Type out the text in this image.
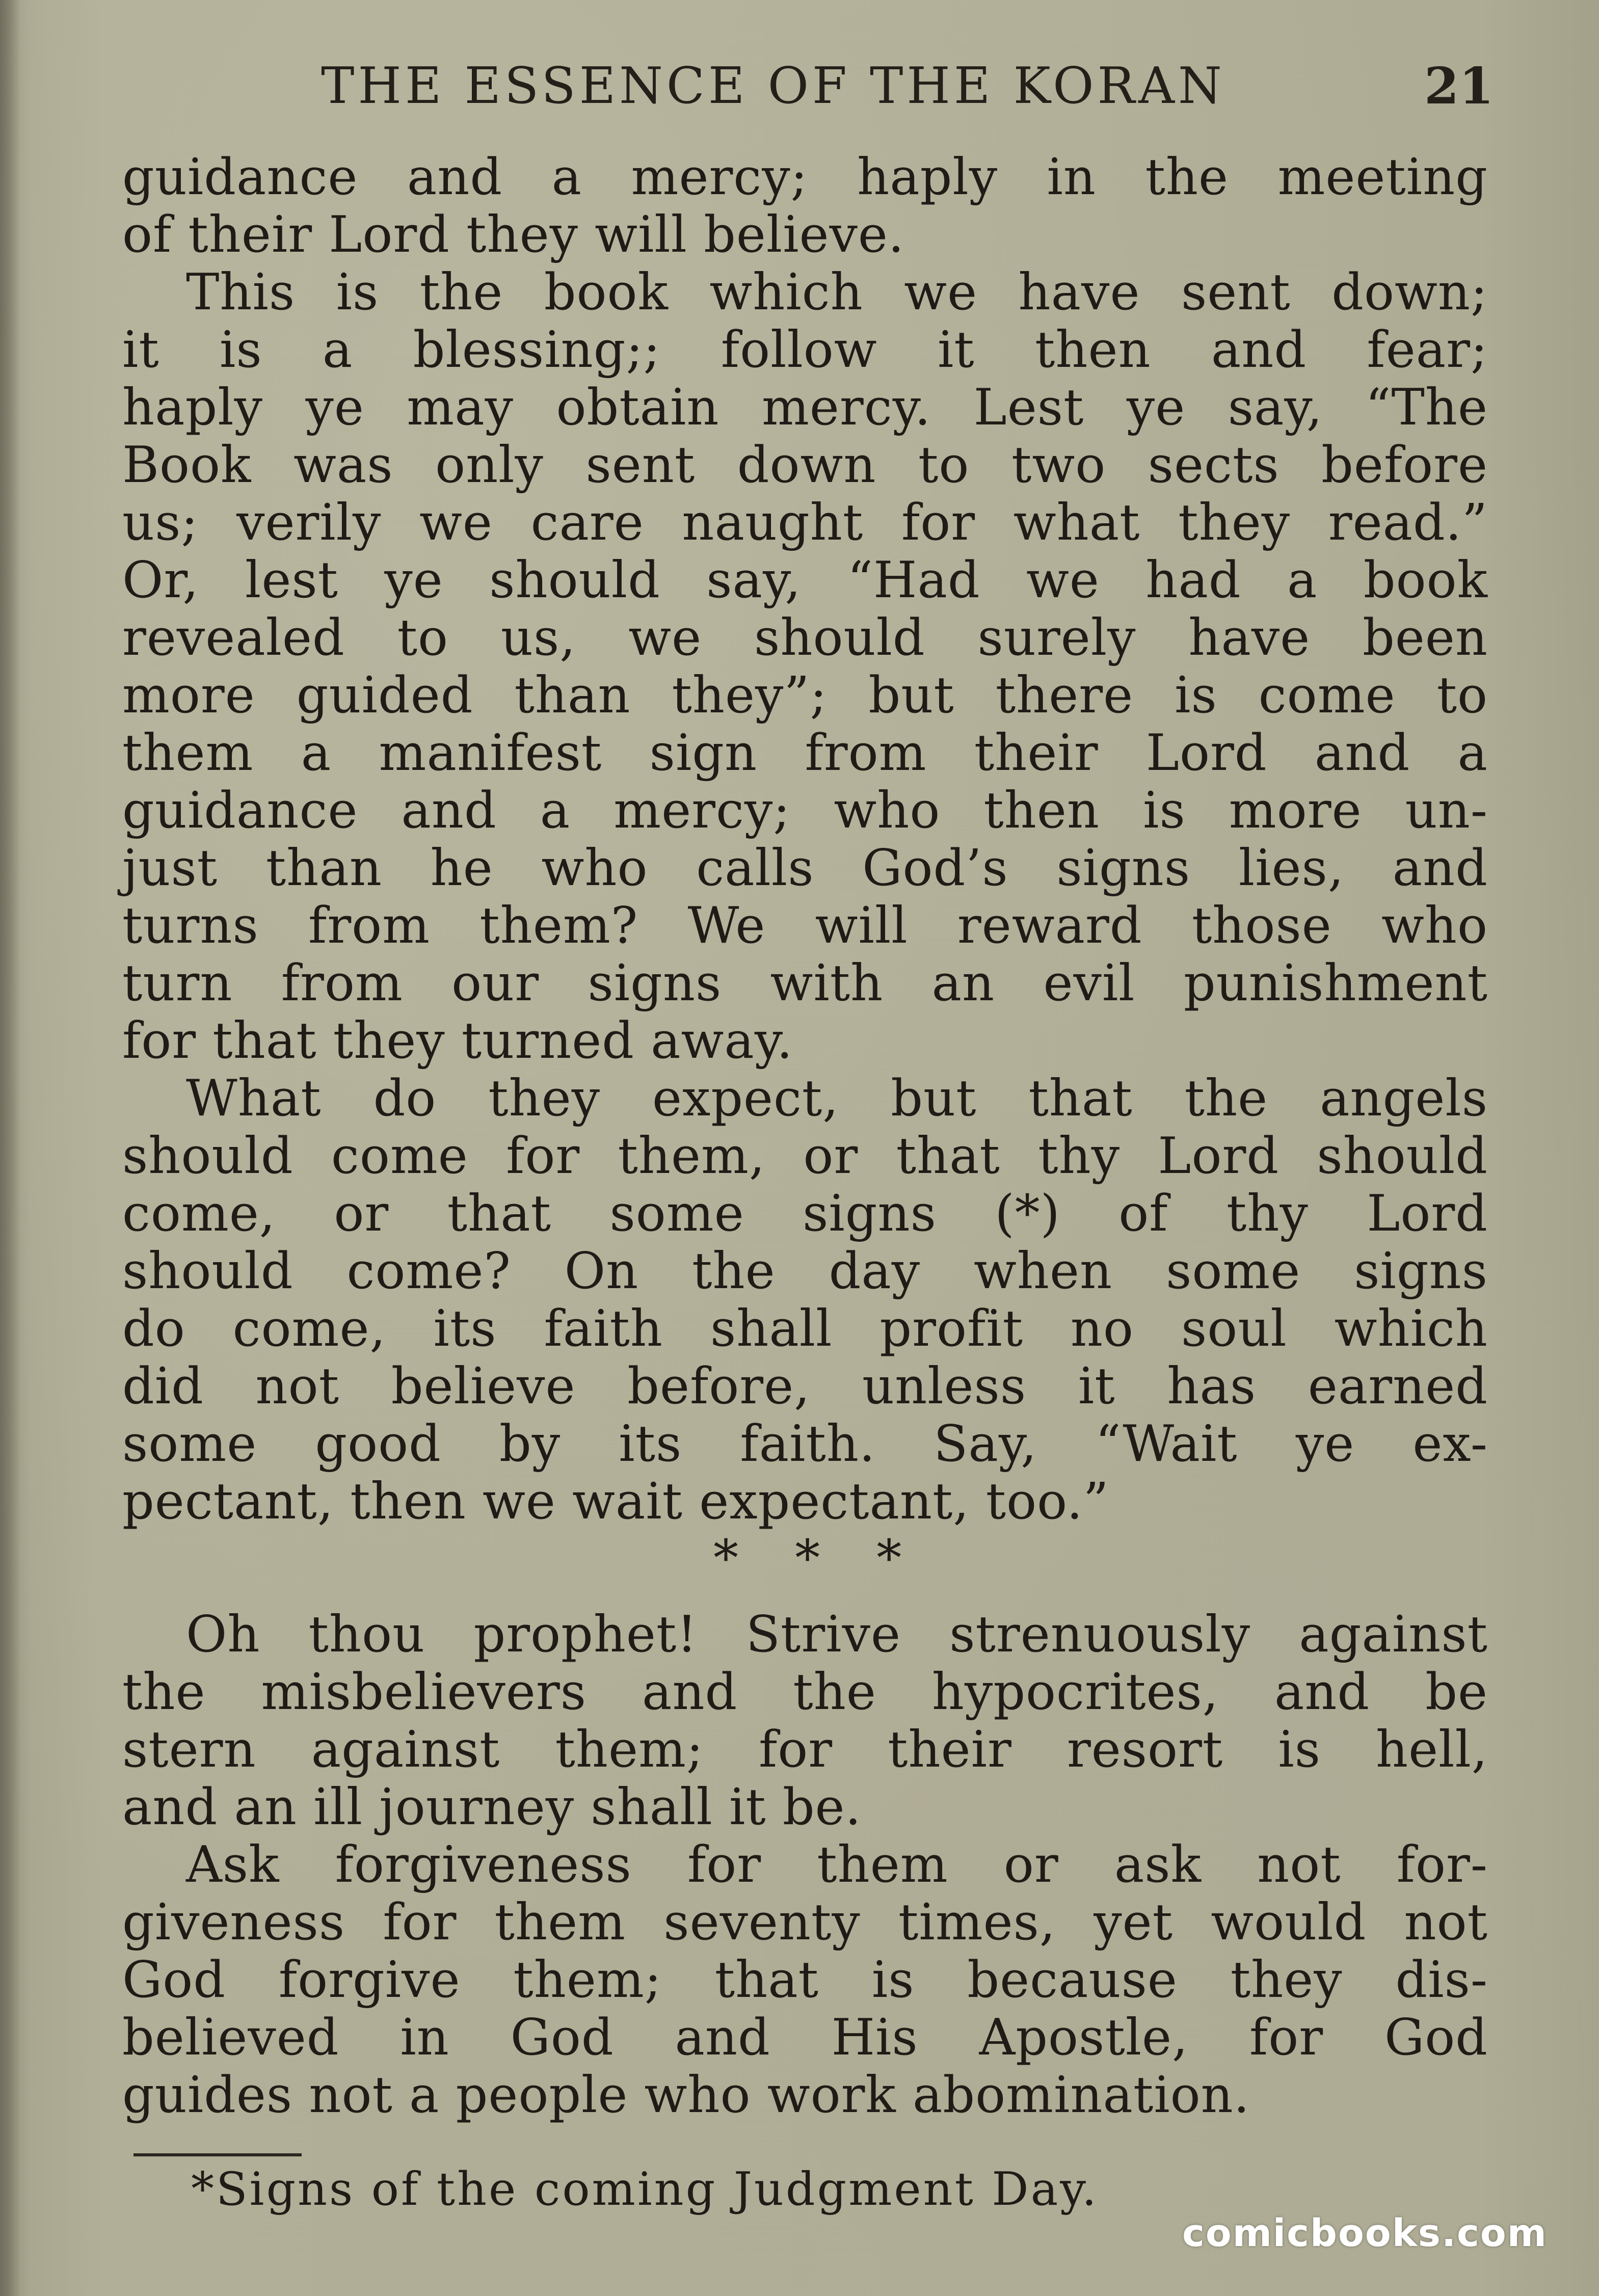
THE ESSENCE OF THE KORAN	21
guidance and a mercy; haply in the meeting
of their Lord they will believe.
This is the book which we have sent down;
it is a blessing;; follow it then and fear;
haply ye may obtain mercy. Lest ye say, “The
Book was only sent down to two sects before
us; verily we care naught for what they read.”
Or, lest ye should say, “Had we had a book
revealed to us, we should surely have been
more guided than they”; but there is come to
them a manifest sign from their Lord and a
guidance and a mercy; who then is more un-
just than he who calls God’s signs lies, and
turns from them? We will reward those who
turn from our signs with an evil punishment
for that they turned away.
What do they expect, but that the angels
should come for them, or that thy Lord should
come, or that some signs (*) of thy Lord
should come? On the day when some signs
do come, its faith shall profit no soul which
did not believe before, unless it has earned
some good by its faith. Say, “Wait ye ex-
pectant, then we wait expectant, too.”
* * *
Oh thou prophet! Strive strenuously against
the misbelievers and the hypocrites, and be
stern against them; for their resort is hell,
and an ill journey shall it be.
Ask forgiveness for them or ask not for-
giveness for them seventy times, yet would not
God forgive them; that is because they dis-
believed in God and His Apostle, for God
guides not a people who work abomination.
*Signs of the coming Judgment Day.
comicbooks.com
